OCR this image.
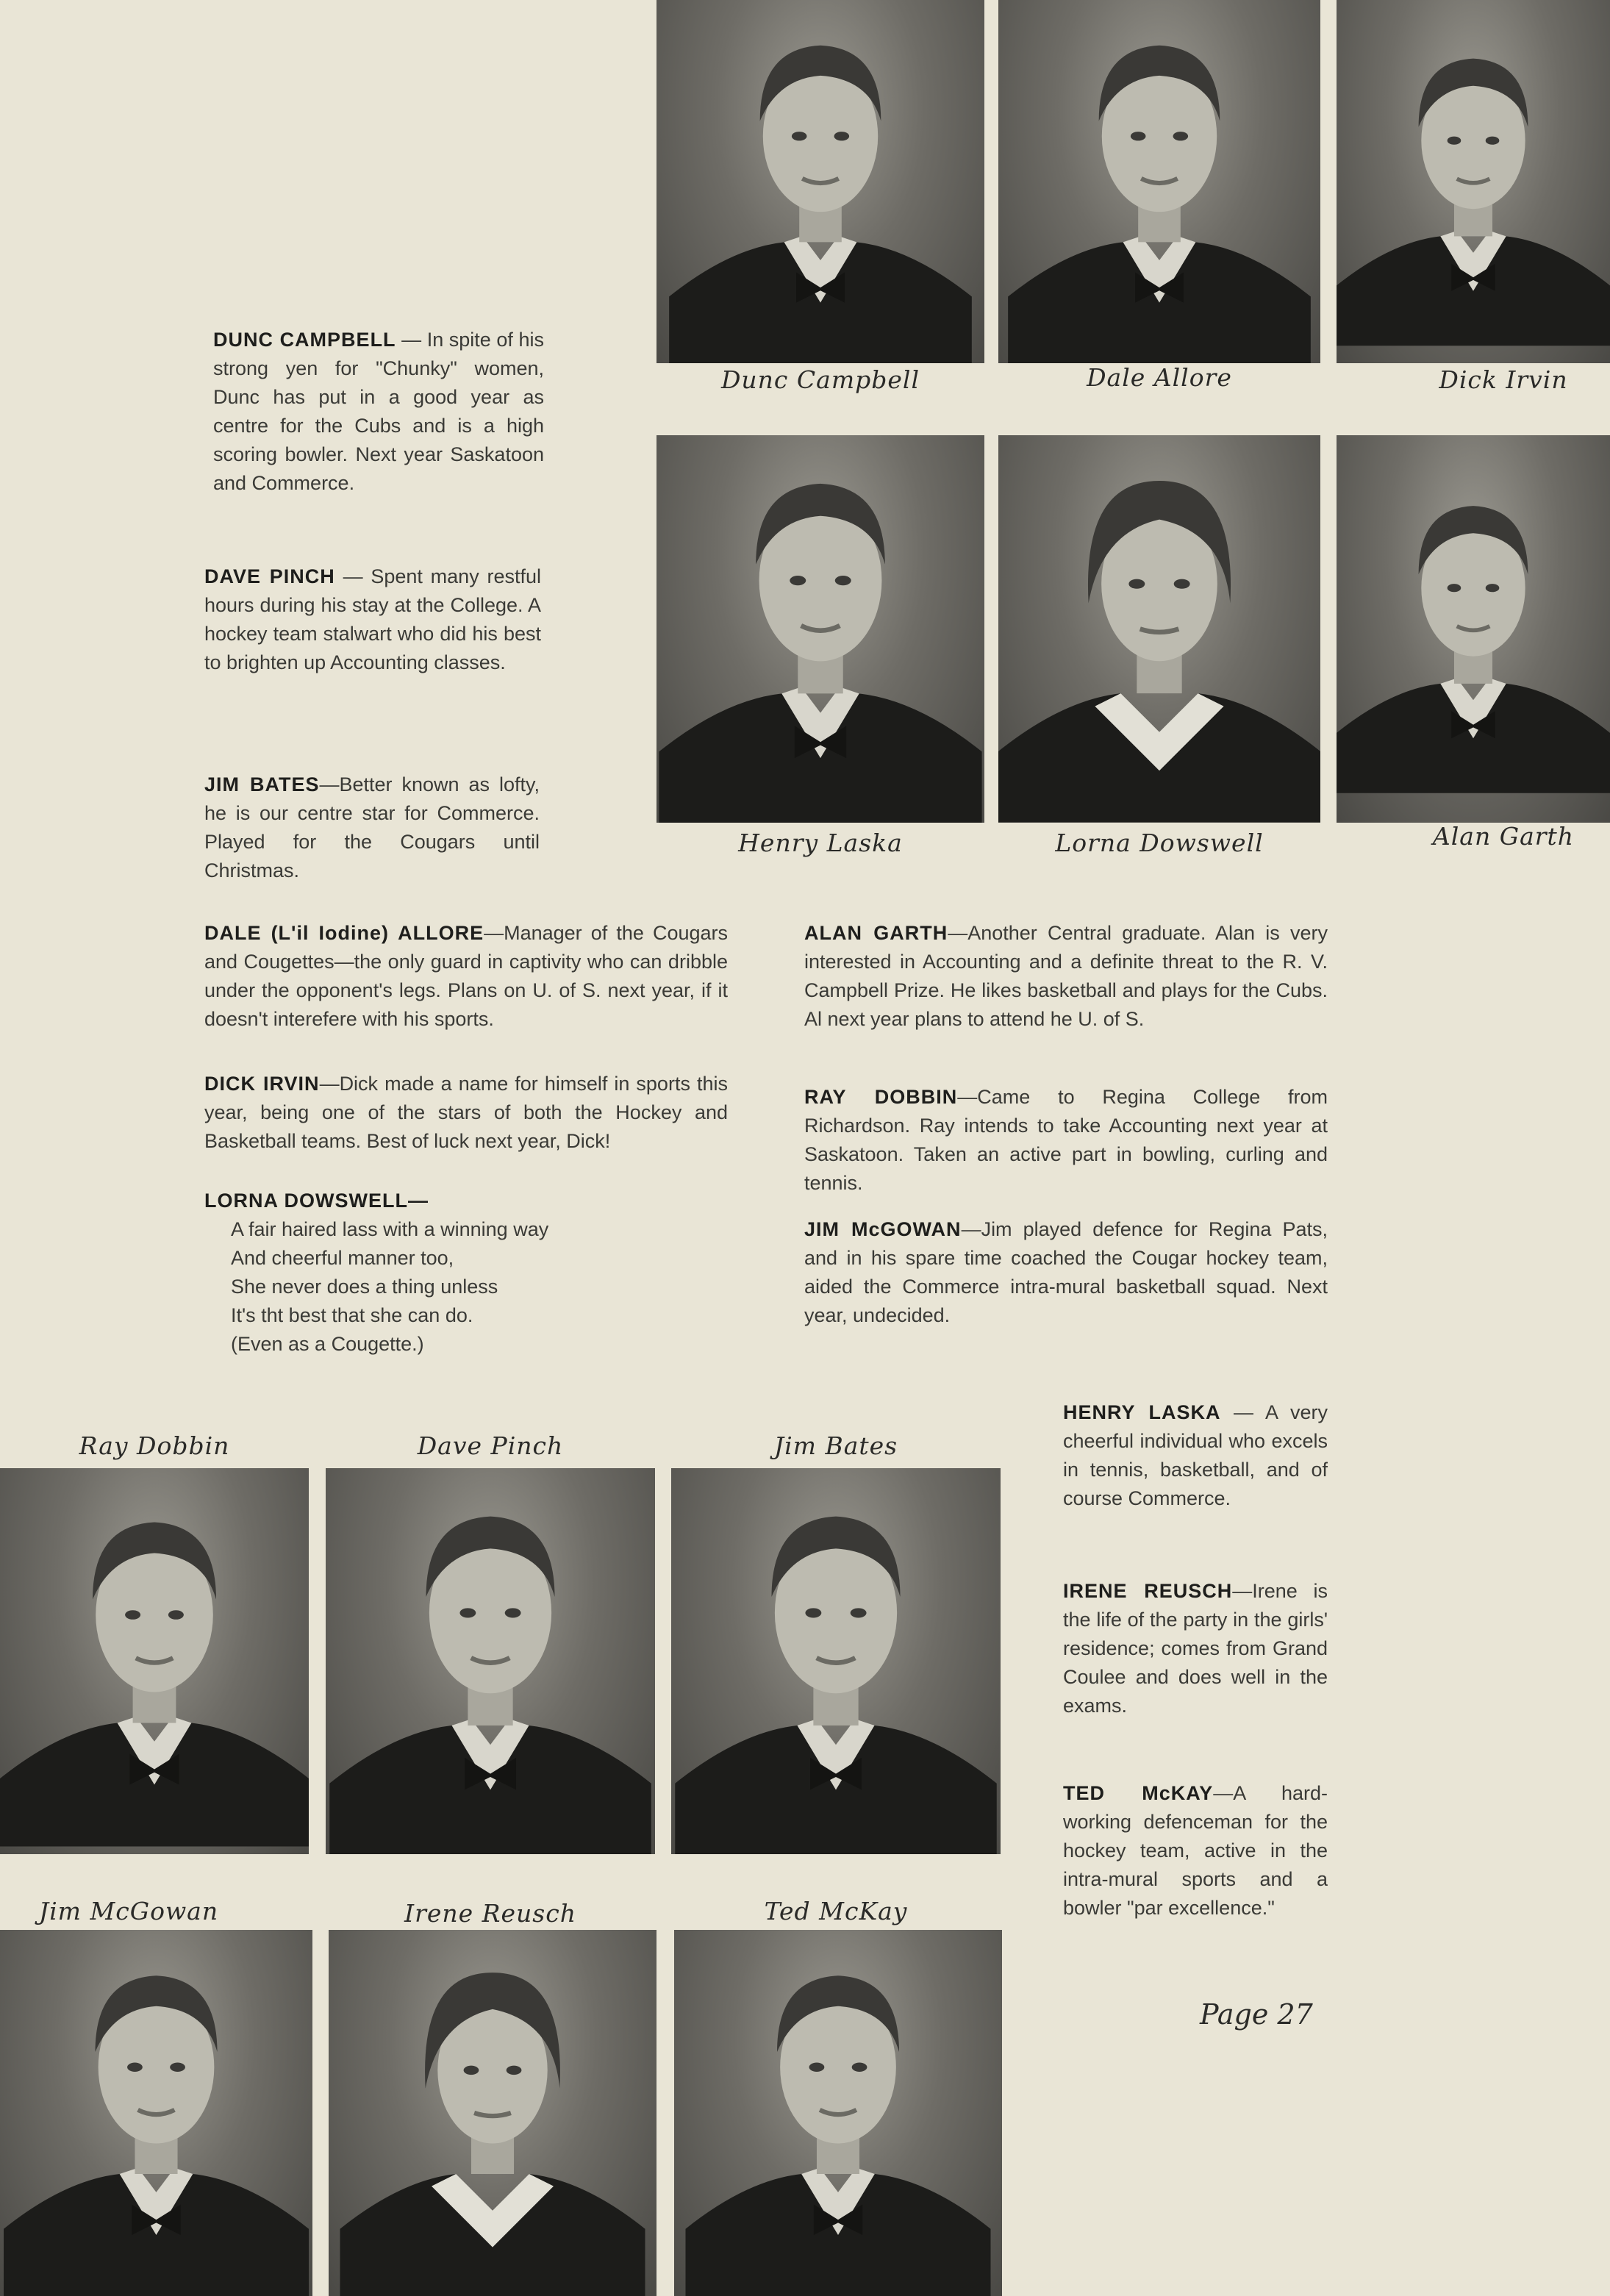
Dunc Campbell	Dale Allore	Dick Irvin
Henry Laska	Lorna Dowswell	Alan Garth
DUNC CAMPBELL — In spite of his strong yen for "Chunky" women, Dunc has put in a good year as centre for the Cubs and is a high scoring bowler. Next year Saskatoon and Commerce.
DAVE PINCH — Spent many restful hours during his stay at the College. A hockey team stalwart who did his best to brighten up Accounting classes.
JIM BATES—Better known as lofty, he is our centre star for Commerce. Played for the Cougars until Christmas.
DALE (L'il Iodine) ALLORE—Manager of the Cougars and Cougettes—the only guard in captivity who can dribble under the opponent's legs. Plans on U. of S. next year, if it doesn't interefere with his sports.
DICK IRVIN—Dick made a name for himself in sports this year, being one of the stars of both the Hockey and Basketball teams. Best of luck next year, Dick!
LORNA DOWSWELL—
A fair haired lass with a winning way
And cheerful manner too,
She never does a thing unless
It's tht best that she can do.
(Even as a Cougette.)
ALAN GARTH—Another Central graduate. Alan is very interested in Accounting and a definite threat to the R. V. Campbell Prize. He likes basketball and plays for the Cubs. Al next year plans to attend he U. of S.
RAY DOBBIN—Came to Regina College from Richardson. Ray intends to take Accounting next year at Saskatoon. Taken an active part in bowling, curling and tennis.
JIM McGOWAN—Jim played defence for Regina Pats, and in his spare time coached the Cougar hockey team, aided the Commerce intra-mural basketball squad. Next year, undecided.
HENRY LASKA — A very cheerful individual who excels in tennis, basketball, and of course Commerce.
IRENE REUSCH—Irene is the life of the party in the girls' residence; comes from Grand Coulee and does well in the exams.
TED McKAY—A hard-working defenceman for the hockey team, active in the intra-mural sports and a bowler "par excellence."
Ray Dobbin	Dave Pinch	Jim Bates
Jim McGowan	Irene Reusch	Ted McKay
Page 27
